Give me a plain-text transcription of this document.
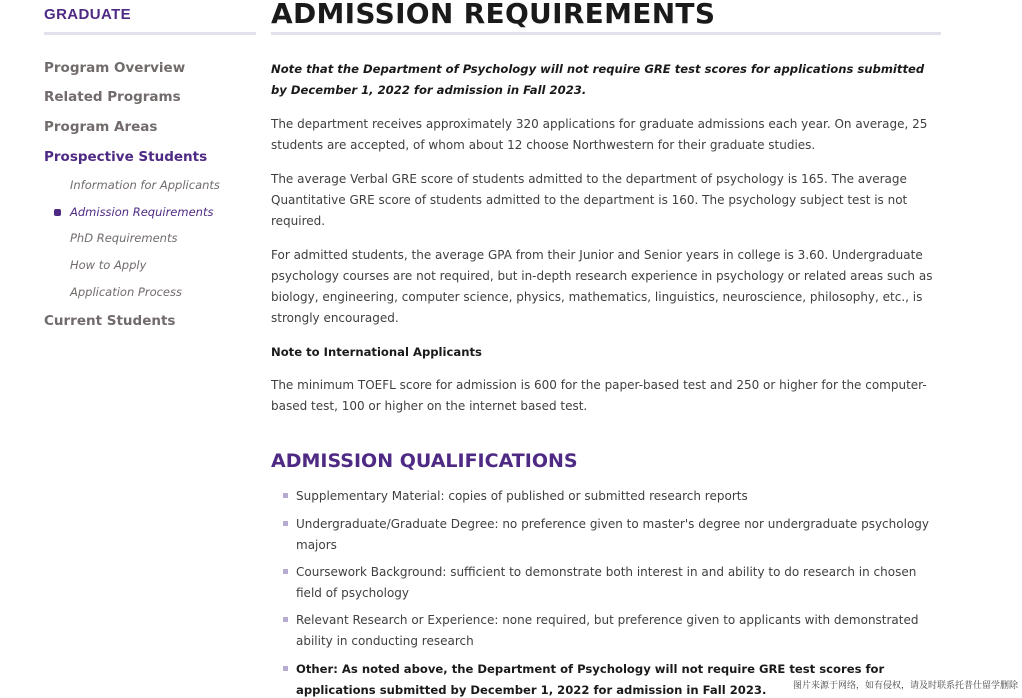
GRADUATE
Program Overview
Related Programs
Program Areas
Prospective Students
Information for Applicants
Admission Requirements
PhD Requirements
How to Apply
Application Process
Current Students
ADMISSION REQUIREMENTS

Note that the Department of Psychology will not require GRE test scores for applications submitted by December 1, 2022 for admission in Fall 2023.

The department receives approximately 320 applications for graduate admissions each year. On average, 25 students are accepted, of whom about 12 choose Northwestern for their graduate studies.

The average Verbal GRE score of students admitted to the department of psychology is 165. The average Quantitative GRE score of students admitted to the department is 160. The psychology subject test is not required.

For admitted students, the average GPA from their Junior and Senior years in college is 3.60. Undergraduate psychology courses are not required, but in-depth research experience in psychology or related areas such as biology, engineering, computer science, physics, mathematics, linguistics, neuroscience, philosophy, etc., is strongly encouraged.

Note to International Applicants

The minimum TOEFL score for admission is 600 for the paper-based test and 250 or higher for the computer-based test, 100 or higher on the internet based test.

ADMISSION QUALIFICATIONS
Supplementary Material: copies of published or submitted research reports
Undergraduate/Graduate Degree: no preference given to master's degree nor undergraduate psychology majors
Coursework Background: sufficient to demonstrate both interest in and ability to do research in chosen field of psychology
Relevant Research or Experience: none required, but preference given to applicants with demonstrated ability in conducting research
Other: As noted above, the Department of Psychology will not require GRE test scores for applications submitted by December 1, 2022 for admission in Fall 2023.	图片来源于网络，如有侵权，请及时联系托普仕留学删除
